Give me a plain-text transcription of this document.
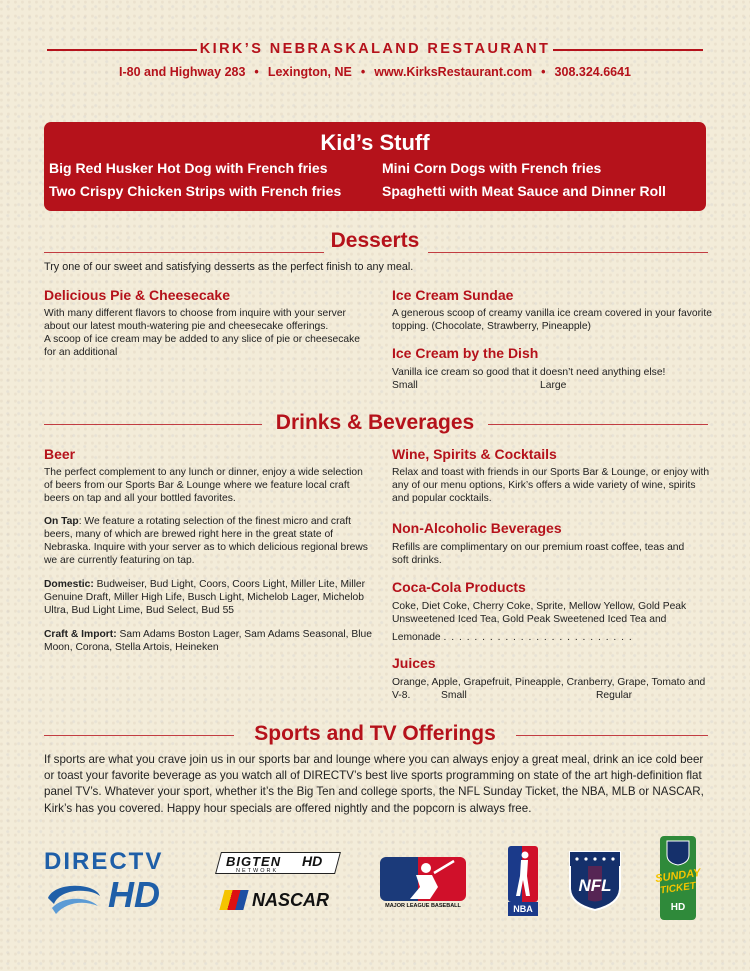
KIRK’S NEBRASKALAND RESTAURANT
I-80 and Highway 283 • Lexington, NE • www.KirksRestaurant.com • 308.324.6641
Kid’s Stuff
Big Red Husker Hot Dog with French fries	Mini Corn Dogs with French fries
Two Crispy Chicken Strips with French fries	Spaghetti with Meat Sauce and Dinner Roll
Desserts
Try one of our sweet and satisfying desserts as the perfect finish to any meal.
Delicious Pie & Cheesecake
With many different flavors to choose from inquire with your server about our latest mouth-watering pie and cheesecake offerings.
A scoop of ice cream may be added to any slice of pie or cheesecake for an additional
Ice Cream Sundae
A generous scoop of creamy vanilla ice cream covered in your favorite topping. (Chocolate, Strawberry, Pineapple)
Ice Cream by the Dish
Vanilla ice cream so good that it doesn’t need anything else!
Small	Large
Drinks & Beverages
Beer
The perfect complement to any lunch or dinner, enjoy a wide selection of beers from our Sports Bar & Lounge where we feature local craft beers on tap and all your bottled favorites.
On Tap: We feature a rotating selection of the finest micro and craft beers, many of which are brewed right here in the great state of Nebraska. Inquire with your server as to which delicious regional brews we are currently featuring on tap.
Domestic: Budweiser, Bud Light, Coors, Coors Light, Miller Lite, Miller Genuine Draft, Miller High Life, Busch Light, Michelob Lager, Michelob Ultra, Bud Light Lime, Bud Select, Bud 55
Craft & Import: Sam Adams Boston Lager, Sam Adams Seasonal, Blue Moon, Corona, Stella Artois, Heineken
Wine, Spirits & Cocktails
Relax and toast with friends in our Sports Bar & Lounge, or enjoy with any of our menu options, Kirk’s offers a wide variety of wine, spirits and popular cocktails.
Non-Alcoholic Beverages
Refills are complimentary on our premium roast coffee, teas and soft drinks.
Coca-Cola Products
Coke, Diet Coke, Cherry Coke, Sprite, Mellow Yellow, Gold Peak Unsweetened Iced Tea, Gold Peak Sweetened Iced Tea and
Lemonade . . . . . . . . . . . . . . . . . . . . . . . . .
Juices
Orange, Apple, Grapefruit, Pineapple, Cranberry, Grape, Tomato and V-8.	Small	Regular
Sports and TV Offerings
If sports are what you crave join us in our sports bar and lounge where you can always enjoy a great meal, drink an ice cold beer or toast your favorite beverage as you watch all of DIRECTV’s best live sports programming on state of the art high-definition flat panel TV’s. Whatever your sport, whether it’s the Big Ten and college sports, the NFL Sunday Ticket, the NBA, MLB or NASCAR, Kirk’s has you covered. Happy hour specials are offered nightly and the popcorn is always free.
DIRECTV
HD
BIGTEN HD
NETWORK
NASCAR	MAJOR LEAGUE BASEBALL	NBA
NFL	SUNDAY
TICKET
HD
